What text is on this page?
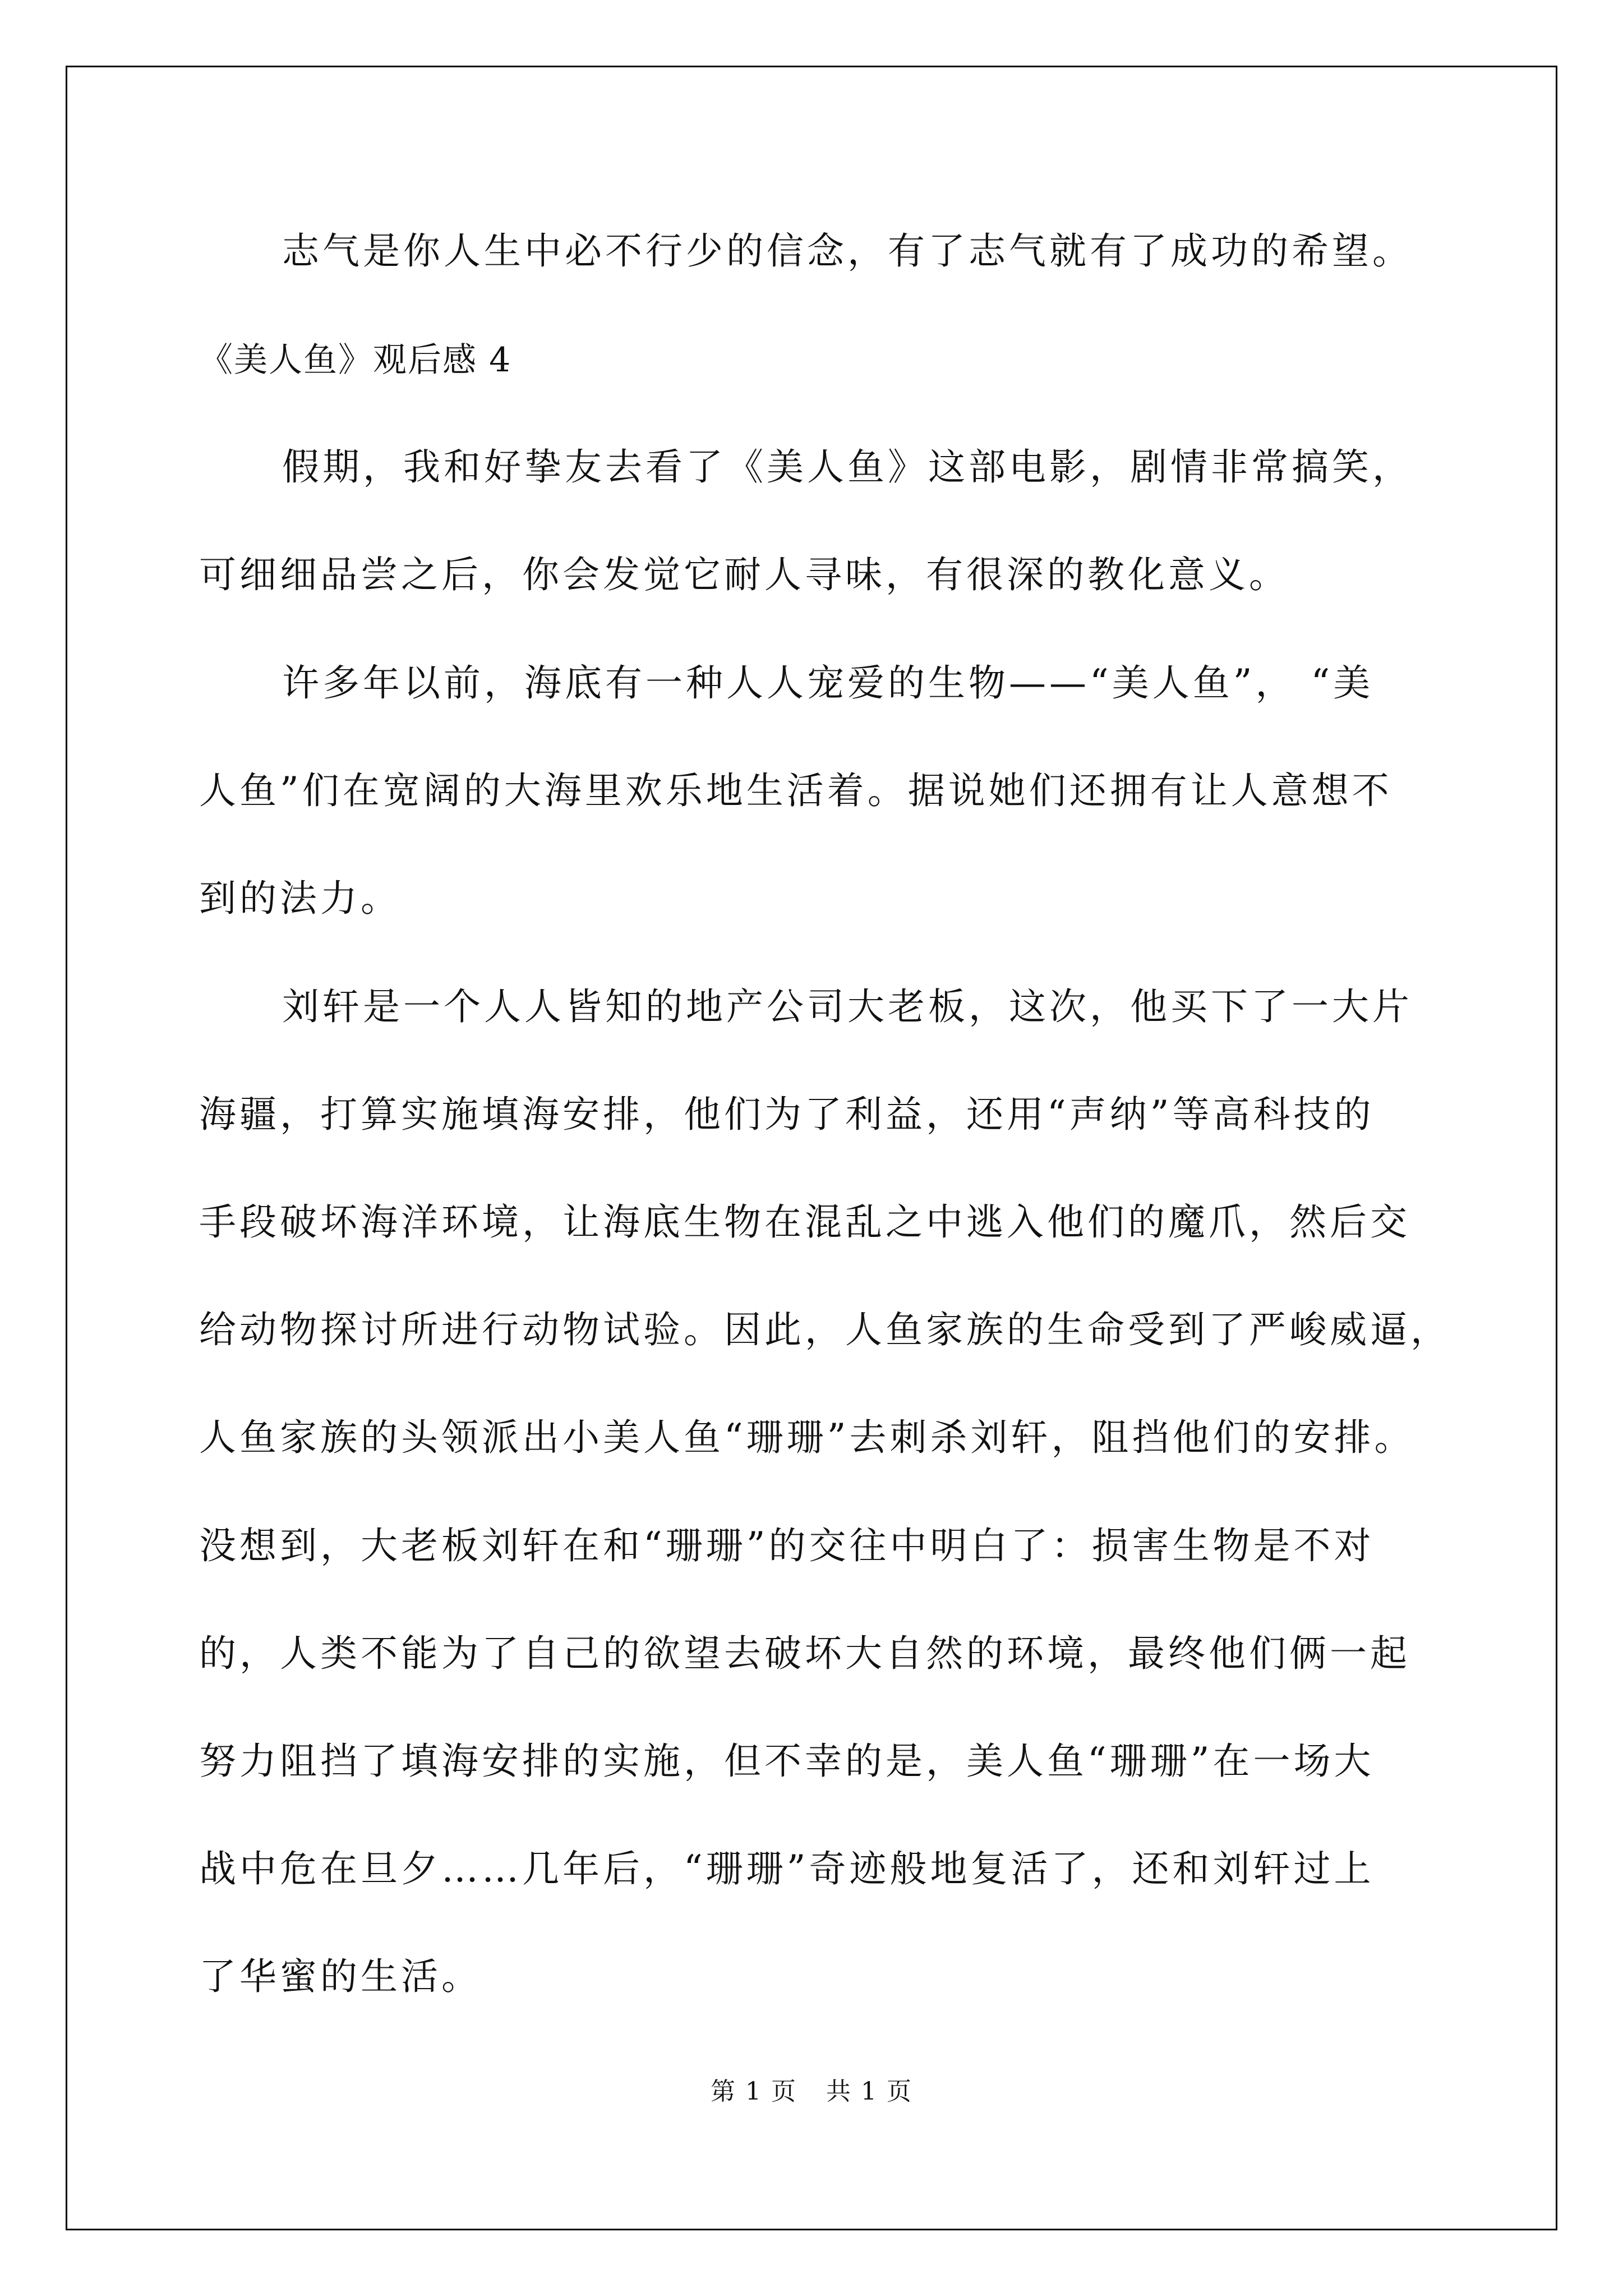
志气是你人生中必不行少的信念，有了志气就有了成功的希望。
《美人鱼》观后感 4
假期，我和好挚友去看了《美人鱼》这部电影，剧情非常搞笑，
可细细品尝之后，你会发觉它耐人寻味，有很深的教化意义。
许多年以前，海底有一种人人宠爱的生物——“美人鱼”， “美
人鱼”们在宽阔的大海里欢乐地生活着。据说她们还拥有让人意想不
到的法力。
刘轩是一个人人皆知的地产公司大老板，这次，他买下了一大片
海疆，打算实施填海安排，他们为了利益，还用“声纳”等高科技的
手段破坏海洋环境，让海底生物在混乱之中逃入他们的魔爪，然后交
给动物探讨所进行动物试验。因此，人鱼家族的生命受到了严峻威逼，
人鱼家族的头领派出小美人鱼“珊珊”去刺杀刘轩，阻挡他们的安排。
没想到，大老板刘轩在和“珊珊”的交往中明白了：损害生物是不对
的，人类不能为了自己的欲望去破坏大自然的环境，最终他们俩一起
努力阻挡了填海安排的实施，但不幸的是，美人鱼“珊珊”在一场大
战中危在旦夕……几年后，“珊珊”奇迹般地复活了，还和刘轩过上
了华蜜的生活。
第 1 页 共 1 页
